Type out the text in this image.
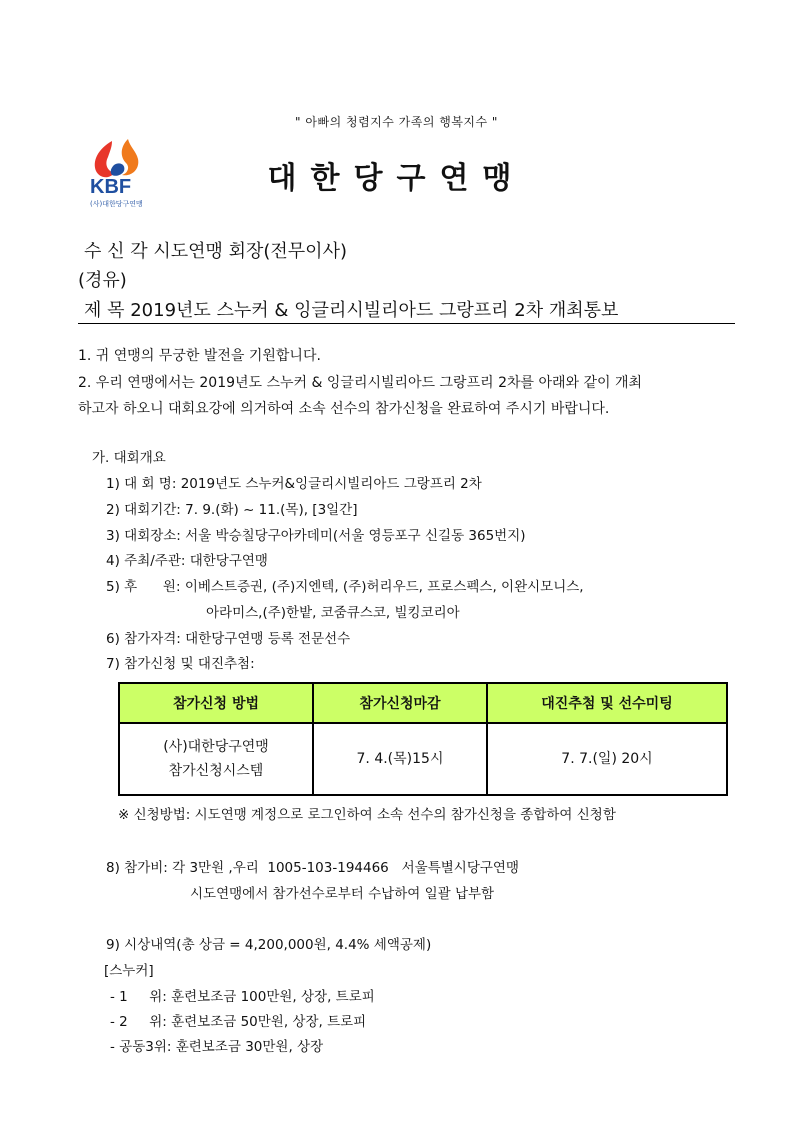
" 아빠의 청렴지수 가족의 행복지수 "
KBF
(사)대한당구연맹
대한당구연맹
수 신 각 시도연맹 회장(전무이사)
(경유)
제 목 2019년도 스누커 & 잉글리시빌리아드 그랑프리 2차 개최통보
1. 귀 연맹의 무궁한 발전을 기원합니다.
2. 우리 연맹에서는 2019년도 스누커 & 잉글리시빌리아드 그랑프리 2차를 아래와 같이 개최
하고자 하오니 대회요강에 의거하여 소속 선수의 참가신청을 완료하여 주시기 바랍니다.
가. 대회개요
1) 대 회 명: 2019년도 스누커&잉글리시빌리아드 그랑프리 2차
2) 대회기간: 7. 9.(화) ~ 11.(목), [3일간]
3) 대회장소: 서울 박승칠당구아카데미(서울 영등포구 신길동 365번지)
4) 주최/주관: 대한당구연맹
5) 후      원: 이베스트증권, (주)지엔텍, (주)허리우드, 프로스펙스, 이완시모니스,
아라미스,(주)한밭, 코줌큐스코, 빌킹코리아
6) 참가자격: 대한당구연맹 등록 전문선수
7) 참가신청 및 대진추첨:
참가신청 방법	참가신청마감	대진추첨 및 선수미팅

(사)대한당구연맹
참가신청시스템	7. 4.(목)15시	7. 7.(일) 20시
※ 신청방법: 시도연맹 계정으로 로그인하여 소속 선수의 참가신청을 종합하여 신청함
8) 참가비: 각 3만원 ,우리  1005-103-194466   서울특별시당구연맹
시도연맹에서 참가선수로부터 수납하여 일괄 납부함
9) 시상내역(총 상금 = 4,200,000원, 4.4% 세액공제)
[스누커]
- 1     위: 훈련보조금 100만원, 상장, 트로피
- 2     위: 훈련보조금 50만원, 상장, 트로피
- 공동3위: 훈련보조금 30만원, 상장
